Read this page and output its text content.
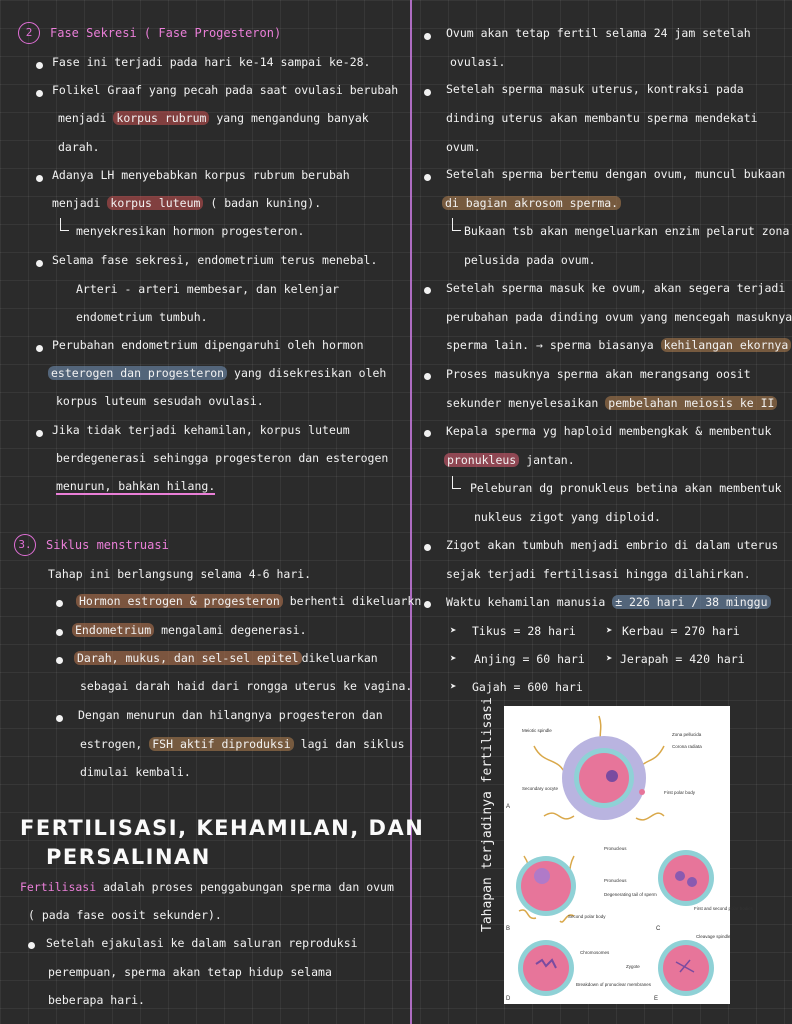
2	Fase Sekresi ( Fase Progesteron)
Fase ini terjadi pada hari ke-14 sampai ke-28.
Folikel Graaf yang pecah pada saat ovulasi berubah
menjadi korpus rubrum yang mengandung banyak
darah.
Adanya LH menyebabkan korpus rubrum berubah
menjadi korpus luteum ( badan kuning).
menyekresikan hormon progesteron.
Selama fase sekresi, endometrium terus menebal.
Arteri - arteri membesar, dan kelenjar
endometrium tumbuh.
Perubahan endometrium dipengaruhi oleh hormon
esterogen dan progesteron yang disekresikan oleh
korpus luteum sesudah ovulasi.
Jika tidak terjadi kehamilan, korpus luteum
berdegenerasi sehingga progesteron dan esterogen
menurun, bahkan hilang.
3.	Siklus menstruasi
Tahap ini berlangsung selama 4-6 hari.
Hormon estrogen & progesteron berhenti dikeluarkn
Endometrium mengalami degenerasi.
Darah, mukus, dan sel-sel epitel dikeluarkan
sebagai darah haid dari rongga uterus ke vagina.
Dengan menurun dan hilangnya progesteron dan
estrogen, FSH aktif diproduksi lagi dan siklus
dimulai kembali.
FERTILISASI, KEHAMILAN, DAN
PERSALINAN
Fertilisasi adalah proses penggabungan sperma dan ovum
( pada fase oosit sekunder).
Setelah ejakulasi ke dalam saluran reproduksi
perempuan, sperma akan tetap hidup selama
beberapa hari.
Ovum akan tetap fertil selama 24 jam setelah
ovulasi.
Setelah sperma masuk uterus, kontraksi pada
dinding uterus akan membantu sperma mendekati
ovum.
Setelah sperma bertemu dengan ovum, muncul bukaan
di bagian akrosom sperma.
Bukaan tsb akan mengeluarkan enzim pelarut zona
pelusida pada ovum.
Setelah sperma masuk ke ovum, akan segera terjadi
perubahan pada dinding ovum yang mencegah masuknya
sperma lain. → sperma biasanya kehilangan ekornya
Proses masuknya sperma akan merangsang oosit
sekunder menyelesaikan pembelahan meiosis ke II
Kepala sperma yg haploid membengkak & membentuk
pronukleus jantan.
Peleburan dg pronukleus betina akan membentuk
nukleus zigot yang diploid.
Zigot akan tumbuh menjadi embrio di dalam uterus
sejak terjadi fertilisasi hingga dilahirkan.
Waktu kehamilan manusia ± 226 hari / 38 minggu
➤ Tikus = 28 hari	➤ Kerbau = 270 hari
➤ Anjing = 60 hari ➤ Jerapah = 420 hari
➤ Gajah = 600 hari
Tahapan terjadinya fertilisasi	Meiotic spindle
Zona pellucida
Corona radiata
Secondary oocyte
First polar body
A
Pronucleus
Pronucleus
Degenerating tail of sperm
Second polar body
B
First and second polar bodies
C
Chromosomes
Breakdown of pronuclear membranes
D
Cleavage spindle
Zygote
E
